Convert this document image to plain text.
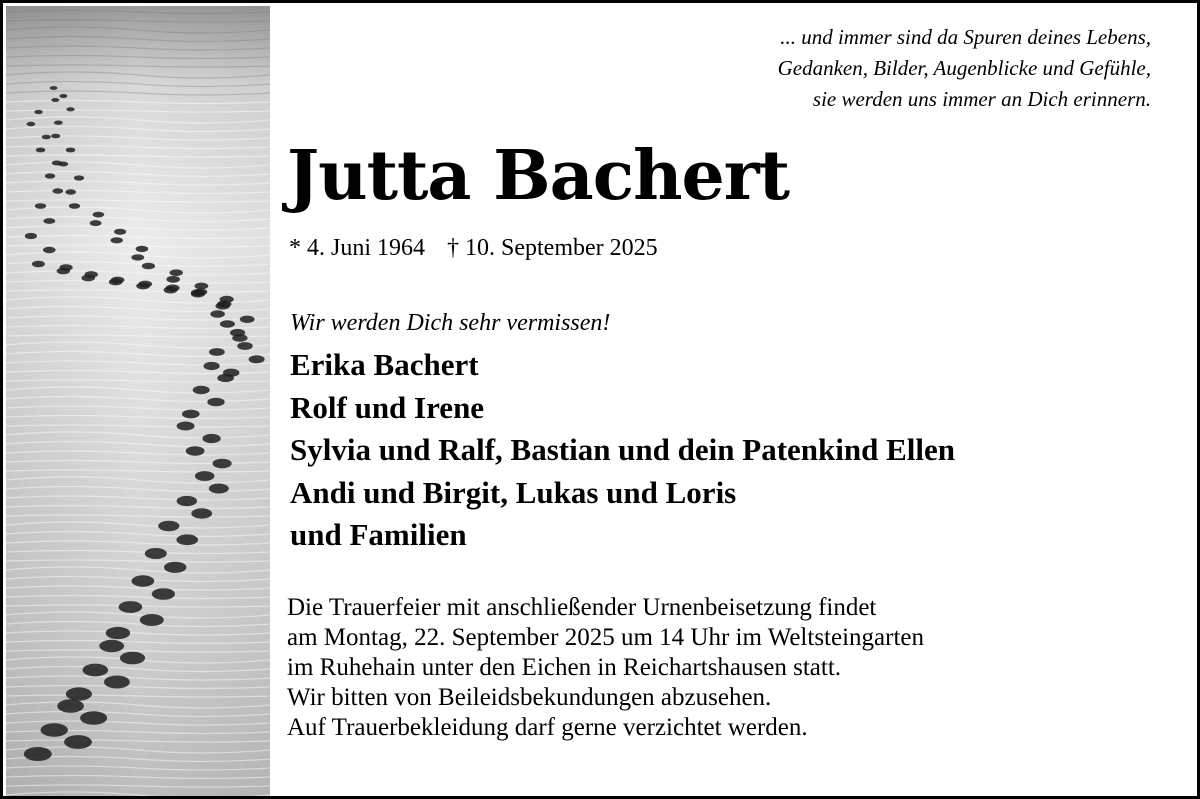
... und immer sind da Spuren deines Lebens,
Gedanken, Bilder, Augenblicke und Gefühle,
sie werden uns immer an Dich erinnern.
Jutta Bachert
* 4. Juni 1964 † 10. September 2025
Wir werden Dich sehr vermissen!
Erika Bachert
Rolf und Irene
Sylvia und Ralf, Bastian und dein Patenkind Ellen
Andi und Birgit, Lukas und Loris
und Familien
Die Trauerfeier mit anschließender Urnenbeisetzung findet
am Montag, 22. September 2025 um 14 Uhr im Weltsteingarten
im Ruhehain unter den Eichen in Reichartshausen statt.
Wir bitten von Beileidsbekundungen abzusehen.
Auf Trauerbekleidung darf gerne verzichtet werden.
